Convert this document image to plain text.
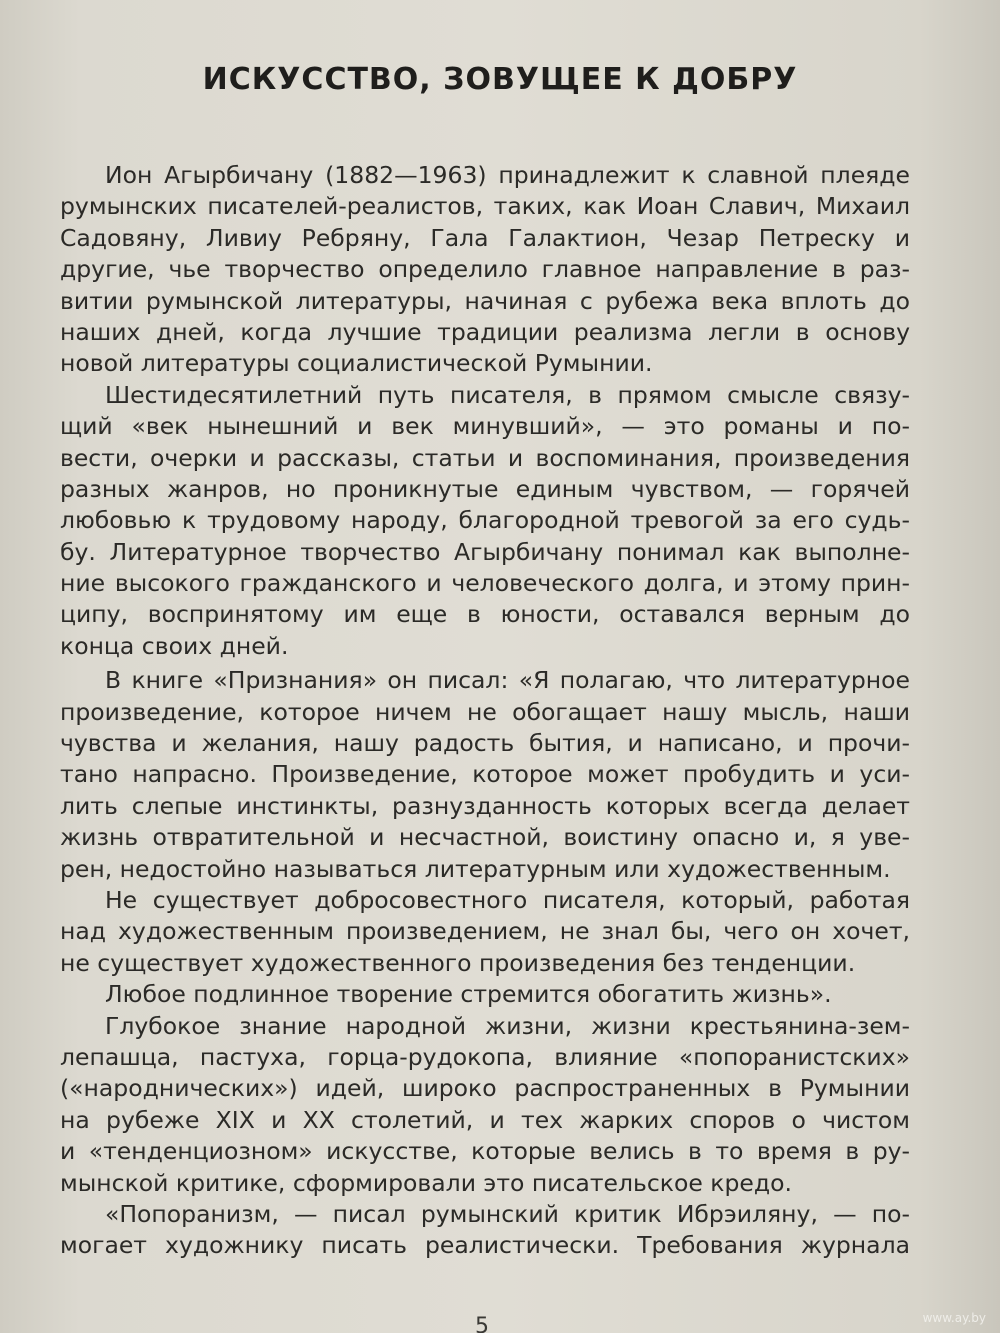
ИСКУССТВО, ЗОВУЩЕЕ К ДОБРУ
Ион Агырбичану (1882—1963) принадлежит к славной плеяде
румынских писателей-реалистов, таких, как Иоан Славич, Михаил
Садовяну, Ливиу Ребряну, Гала Галактион, Чезар Петреску и
другие, чье творчество определило главное направление в раз-
витии румынской литературы, начиная с рубежа века вплоть до
наших дней, когда лучшие традиции реализма легли в основу
новой литературы социалистической Румынии.
Шестидесятилетний путь писателя, в прямом смысле связу-
щий «век нынешний и век минувший», — это романы и по-
вести, очерки и рассказы, статьи и воспоминания, произведения
разных жанров, но проникнутые единым чувством, — горячей
любовью к трудовому народу, благородной тревогой за его судь-
бу. Литературное творчество Агырбичану понимал как выполне-
ние высокого гражданского и человеческого долга, и этому прин-
ципу, воспринятому им еще в юности, оставался верным до
конца своих дней.
В книге «Признания» он писал: «Я полагаю, что литературное
произведение, которое ничем не обогащает нашу мысль, наши
чувства и желания, нашу радость бытия, и написано, и прочи-
тано напрасно. Произведение, которое может пробудить и уси-
лить слепые инстинкты, разнузданность которых всегда делает
жизнь отвратительной и несчастной, воистину опасно и, я уве-
рен, недостойно называться литературным или художественным.
Не существует добросовестного писателя, который, работая
над художественным произведением, не знал бы, чего он хочет,
не существует художественного произведения без тенденции.
Любое подлинное творение стремится обогатить жизнь».
Глубокое знание народной жизни, жизни крестьянина-зем-
лепашца, пастуха, горца-рудокопа, влияние «попоранистских»
(«народнических») идей, широко распространенных в Румынии
на рубеже XIX и XX столетий, и тех жарких споров о чистом
и «тенденциозном» искусстве, которые велись в то время в ру-
мынской критике, сформировали это писательское кредо.
«Попоранизм, — писал румынский критик Ибрэиляну, — по-
могает художнику писать реалистически. Требования журнала
5	www.ay.by
